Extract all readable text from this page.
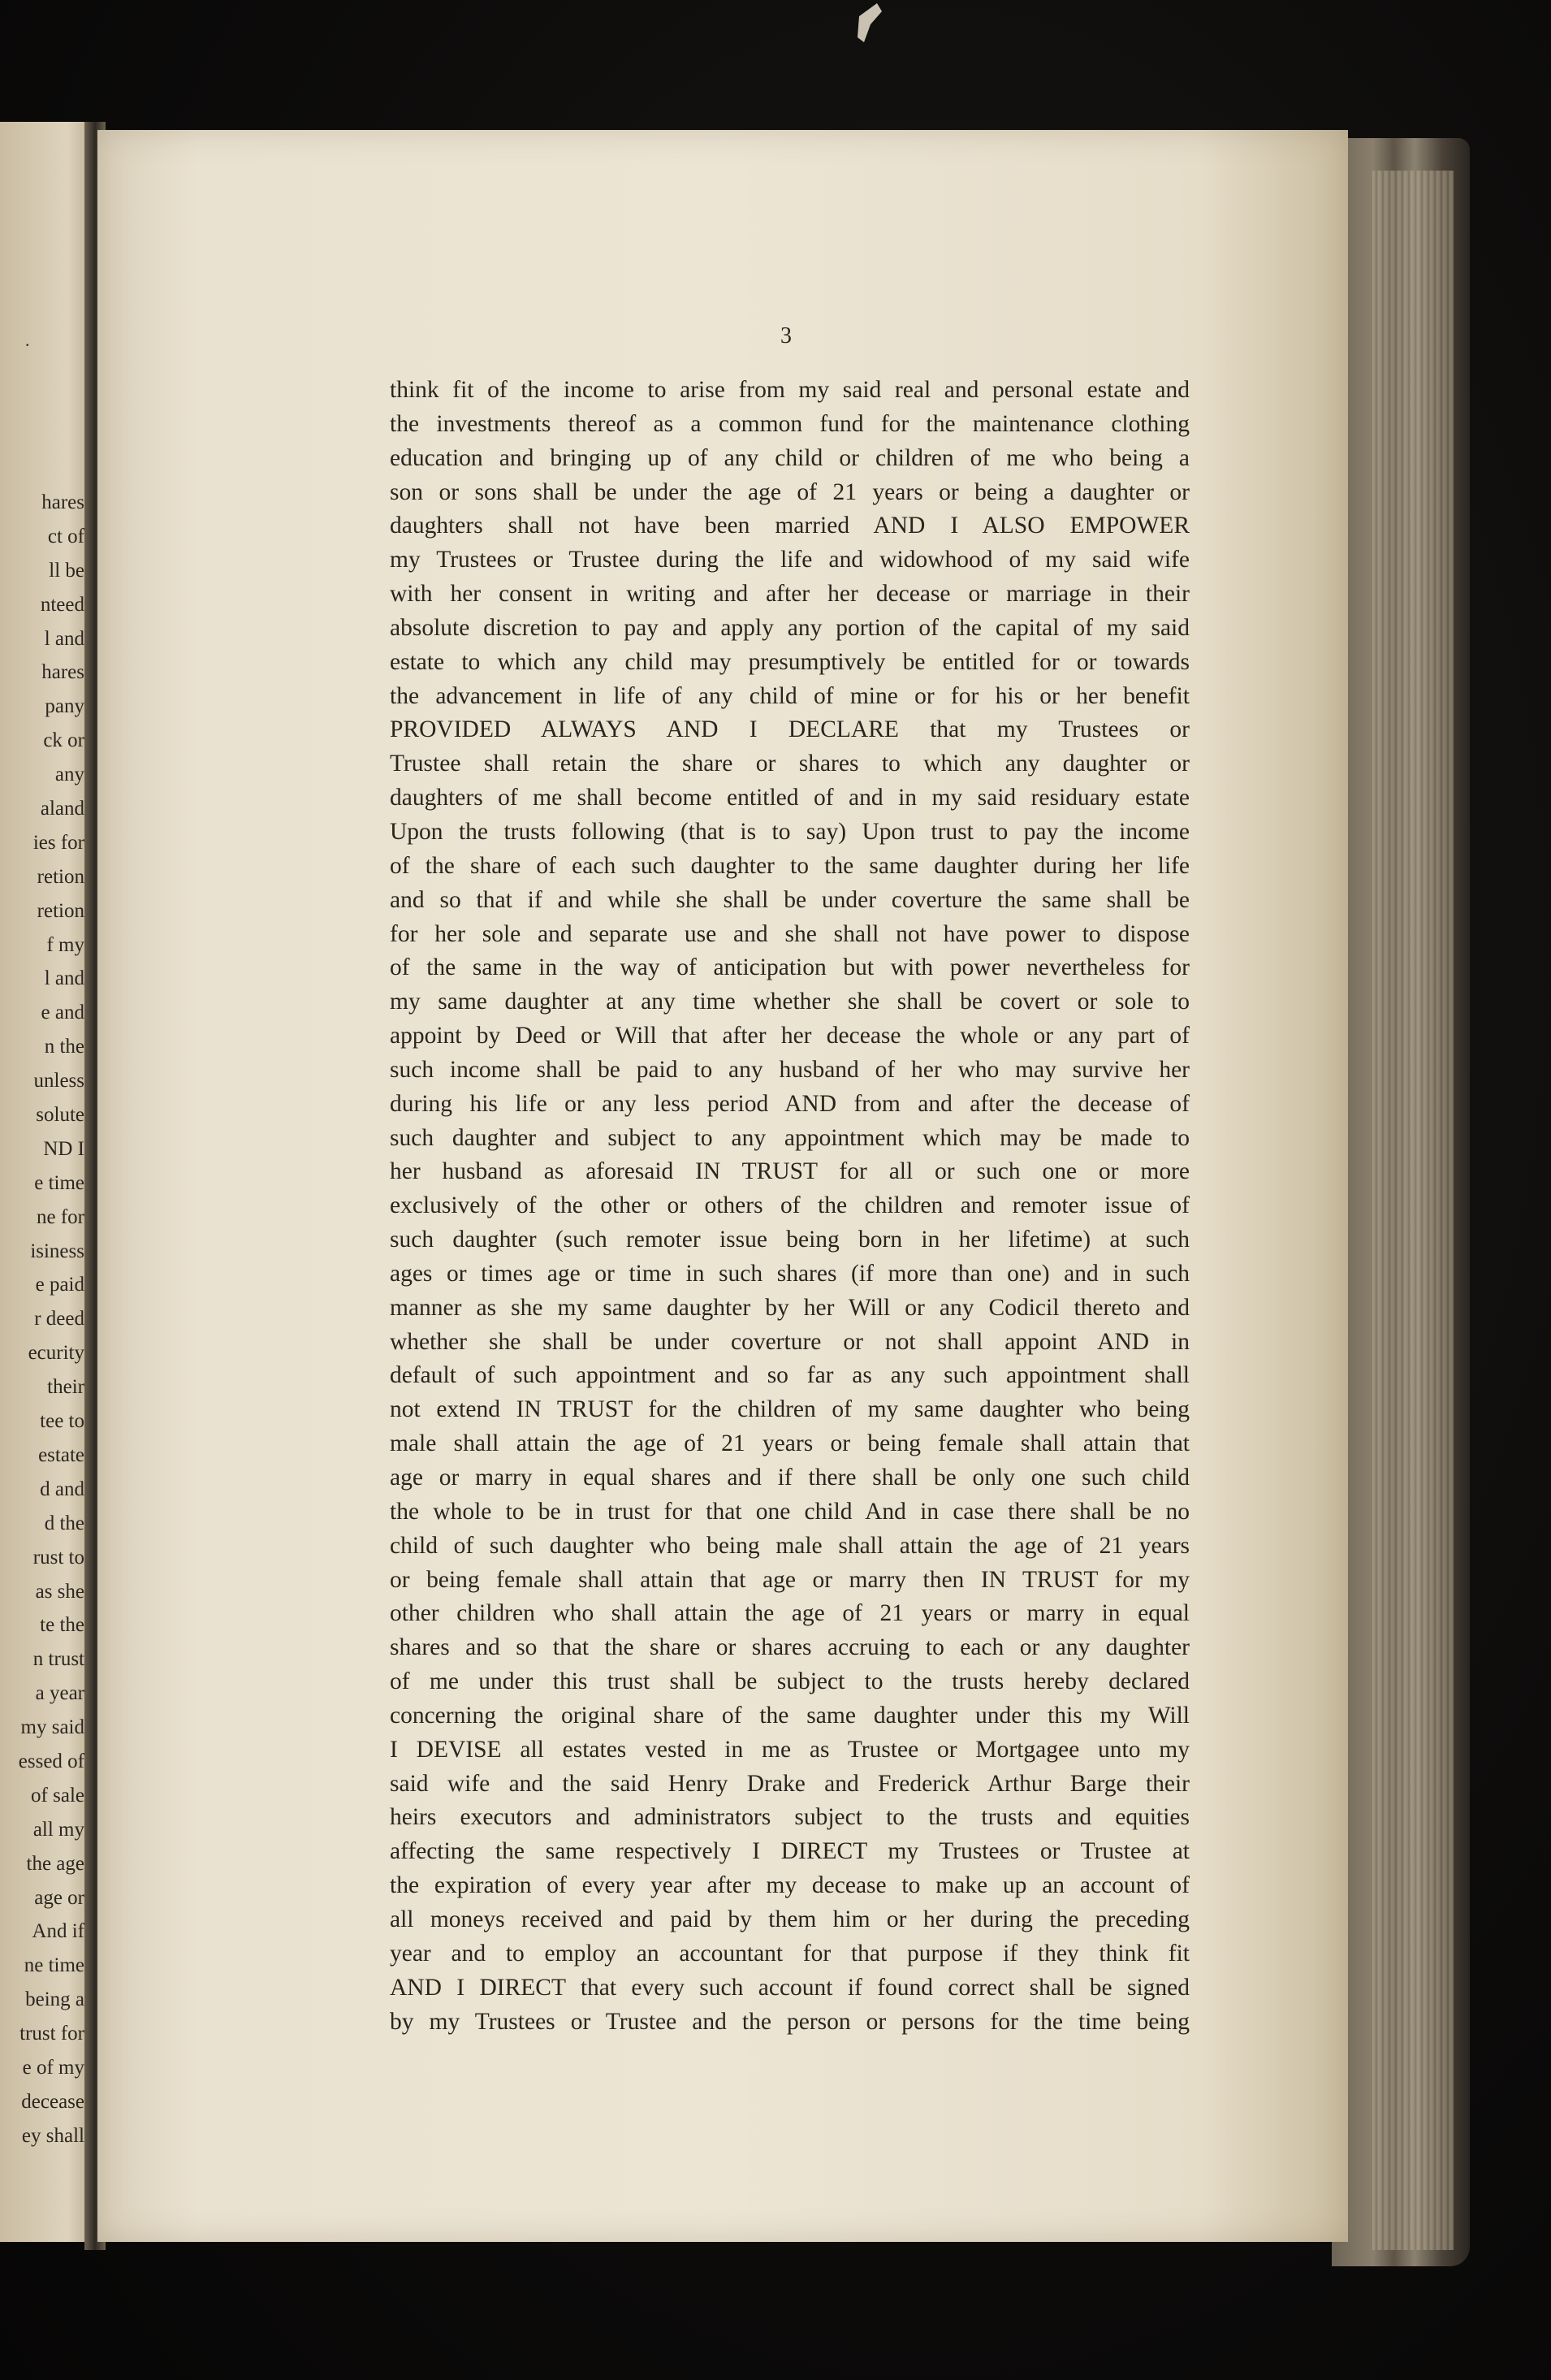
·
hares
ct of
ll be
nteed
l and
hares
pany
ck or
any
aland
ies for
retion
retion
f my
l and
e and
n the
unless
solute
ND I
e time
ne for
isiness
e paid
r deed
ecurity
their
tee to
estate
d and
d the
rust to
as she
te the
n trust
a year
my said
essed of
of sale
all my
the age
age or
And if
ne time
being a
trust for
e of my
decease
ey shall
3
think fit of the income to arise from my said real and personal estate and
the investments thereof as a common fund for the maintenance clothing
education and bringing up of any child or children of me who being a
son or sons shall be under the age of 21 years or being a daughter or
daughters shall not have been married AND I ALSO EMPOWER
my Trustees or Trustee during the life and widowhood of my said wife
with her consent in writing and after her decease or marriage in their
absolute discretion to pay and apply any portion of the capital of my said
estate to which any child may presumptively be entitled for or towards
the advancement in life of any child of mine or for his or her benefit
PROVIDED ALWAYS AND I DECLARE that my Trustees or
Trustee shall retain the share or shares to which any daughter or
daughters of me shall become entitled of and in my said residuary estate
Upon the trusts following (that is to say) Upon trust to pay the income
of the share of each such daughter to the same daughter during her life
and so that if and while she shall be under coverture the same shall be
for her sole and separate use and she shall not have power to dispose
of the same in the way of anticipation but with power nevertheless for
my same daughter at any time whether she shall be covert or sole to
appoint by Deed or Will that after her decease the whole or any part of
such income shall be paid to any husband of her who may survive her
during his life or any less period AND from and after the decease of
such daughter and subject to any appointment which may be made to
her husband as aforesaid IN TRUST for all or such one or more
exclusively of the other or others of the children and remoter issue of
such daughter (such remoter issue being born in her lifetime) at such
ages or times age or time in such shares (if more than one) and in such
manner as she my same daughter by her Will or any Codicil thereto and
whether she shall be under coverture or not shall appoint AND in
default of such appointment and so far as any such appointment shall
not extend IN TRUST for the children of my same daughter who being
male shall attain the age of 21 years or being female shall attain that
age or marry in equal shares and if there shall be only one such child
the whole to be in trust for that one child And in case there shall be no
child of such daughter who being male shall attain the age of 21 years
or being female shall attain that age or marry then IN TRUST for my
other children who shall attain the age of 21 years or marry in equal
shares and so that the share or shares accruing to each or any daughter
of me under this trust shall be subject to the trusts hereby declared
concerning the original share of the same daughter under this my Will
I DEVISE all estates vested in me as Trustee or Mortgagee unto my
said wife and the said Henry Drake and Frederick Arthur Barge their
heirs executors and administrators subject to the trusts and equities
affecting the same respectively I DIRECT my Trustees or Trustee at
the expiration of every year after my decease to make up an account of
all moneys received and paid by them him or her during the preceding
year and to employ an accountant for that purpose if they think fit
AND I DIRECT that every such account if found correct shall be signed
by my Trustees or Trustee and the person or persons for the time being
